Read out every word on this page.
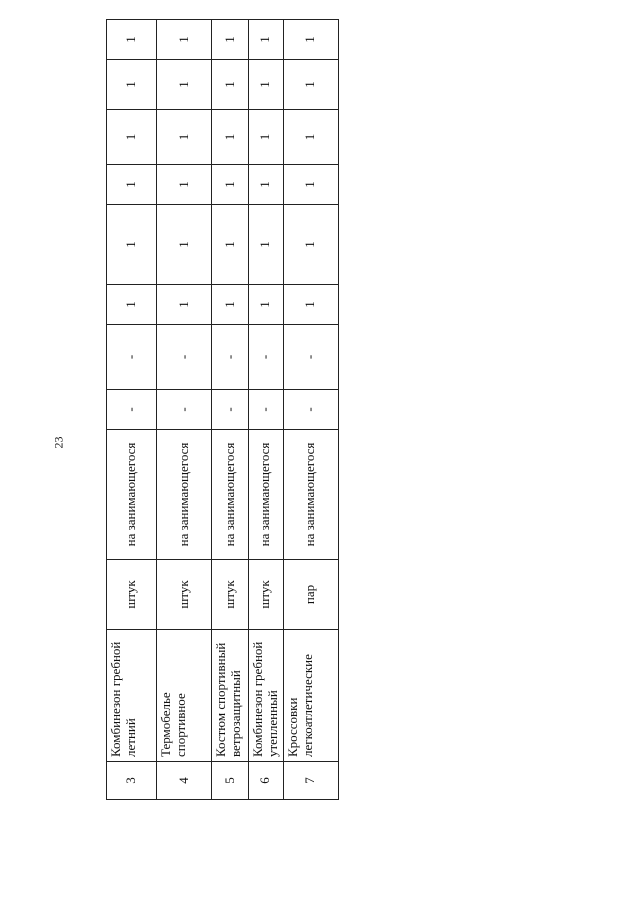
23
3	Комбинезон гребной летний	штук	на занимающегося	-	-	1	1	1	1	1	1
4	Термобелье спортивное	штук	на занимающегося	-	-	1	1	1	1	1	1
5	Костюм спортивный ветрозащитный	штук	на занимающегося	-	-	1	1	1	1	1	1
6	Комбинезон гребной утепленный	штук	на занимающегося	-	-	1	1	1	1	1	1
7	Кроссовки легкоатлетические	пар	на занимающегося	-	-	1	1	1	1	1	1
